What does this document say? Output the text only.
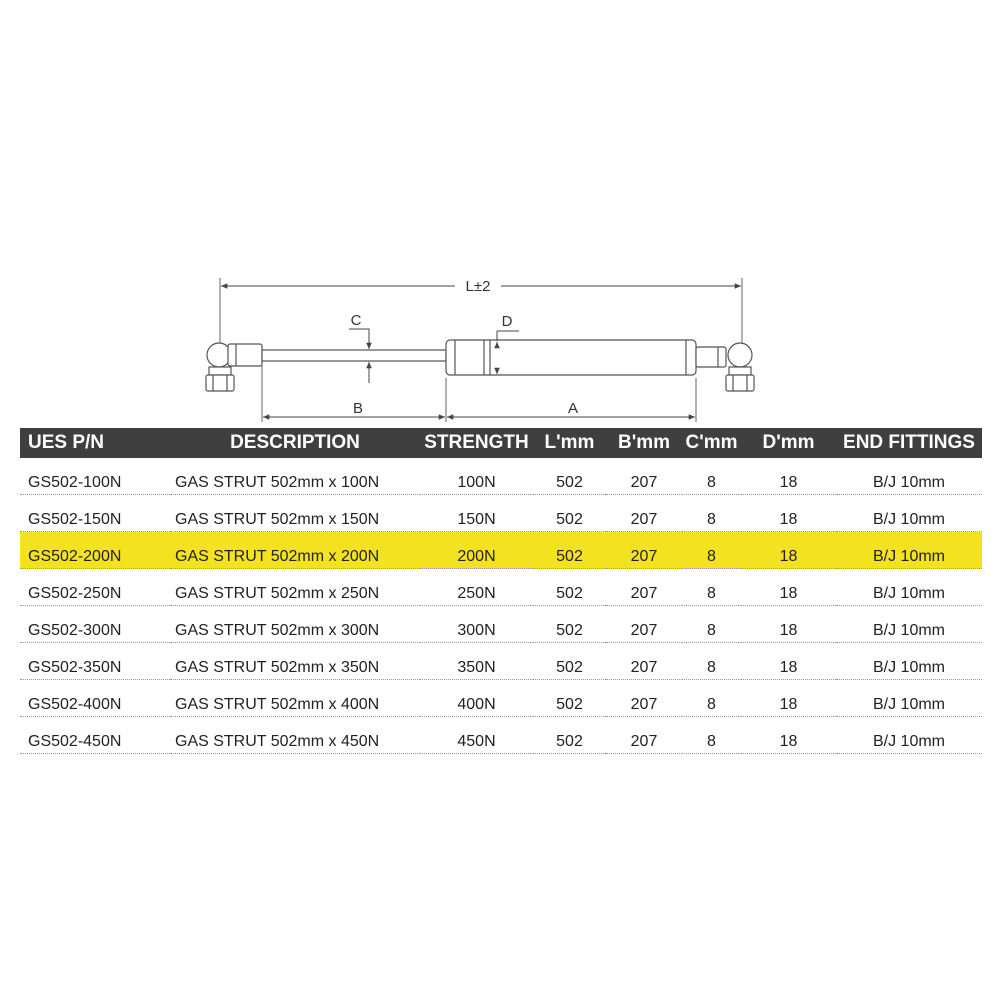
L±2
C	D
B	A
UES P/N	DESCRIPTION	STRENGTH	L'mm	B'mm	C'mm	D'mm	END FITTINGS
GS502-100N	GAS STRUT 502mm x 100N	100N	502	207	8	18	B/J 10mm
GS502-150N	GAS STRUT 502mm x 150N	150N	502	207	8	18	B/J 10mm
GS502-200N	GAS STRUT 502mm x 200N	200N	502	207	8	18	B/J 10mm
GS502-250N	GAS STRUT 502mm x 250N	250N	502	207	8	18	B/J 10mm
GS502-300N	GAS STRUT 502mm x 300N	300N	502	207	8	18	B/J 10mm
GS502-350N	GAS STRUT 502mm x 350N	350N	502	207	8	18	B/J 10mm
GS502-400N	GAS STRUT 502mm x 400N	400N	502	207	8	18	B/J 10mm
GS502-450N	GAS STRUT 502mm x 450N	450N	502	207	8	18	B/J 10mm
